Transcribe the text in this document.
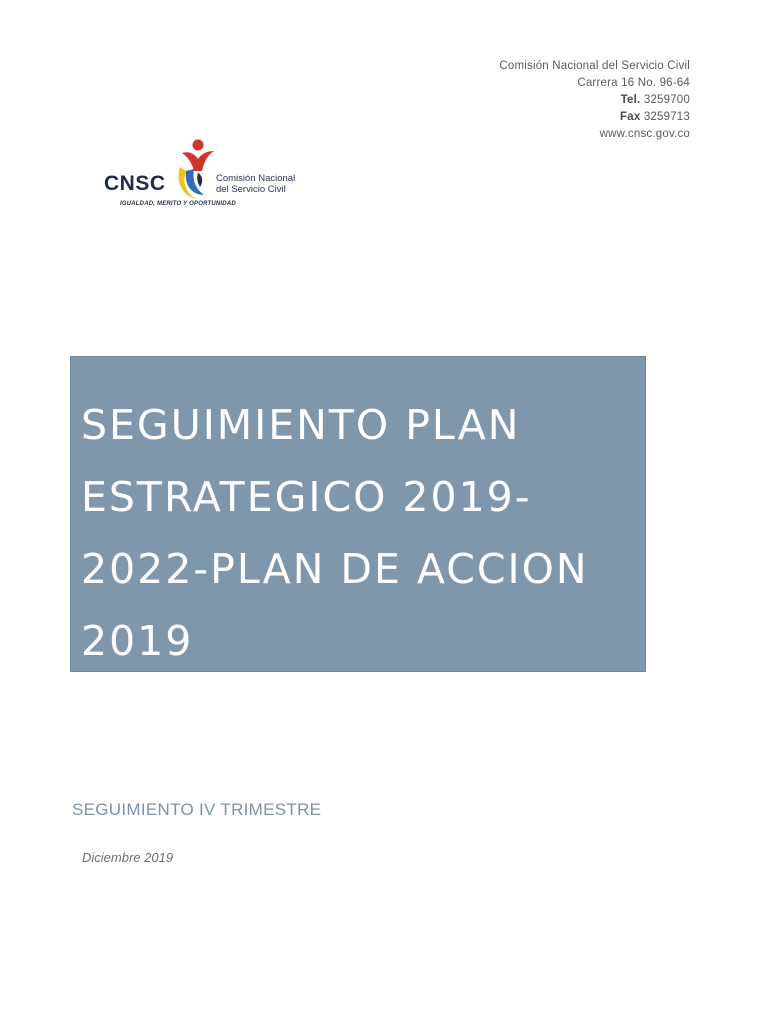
Comisión Nacional del Servicio Civil
Carrera 16 No. 96-64
Tel. 3259700
Fax 3259713
www.cnsc.gov.co
CNSC	Comisión Nacional
del Servicio Civil
IGUALDAD, MERITO Y OPORTUNIDAD
SEGUIMIENTO PLAN ESTRATEGICO 2019-2022-PLAN DE ACCION 2019
SEGUIMIENTO IV TRIMESTRE
Diciembre 2019
